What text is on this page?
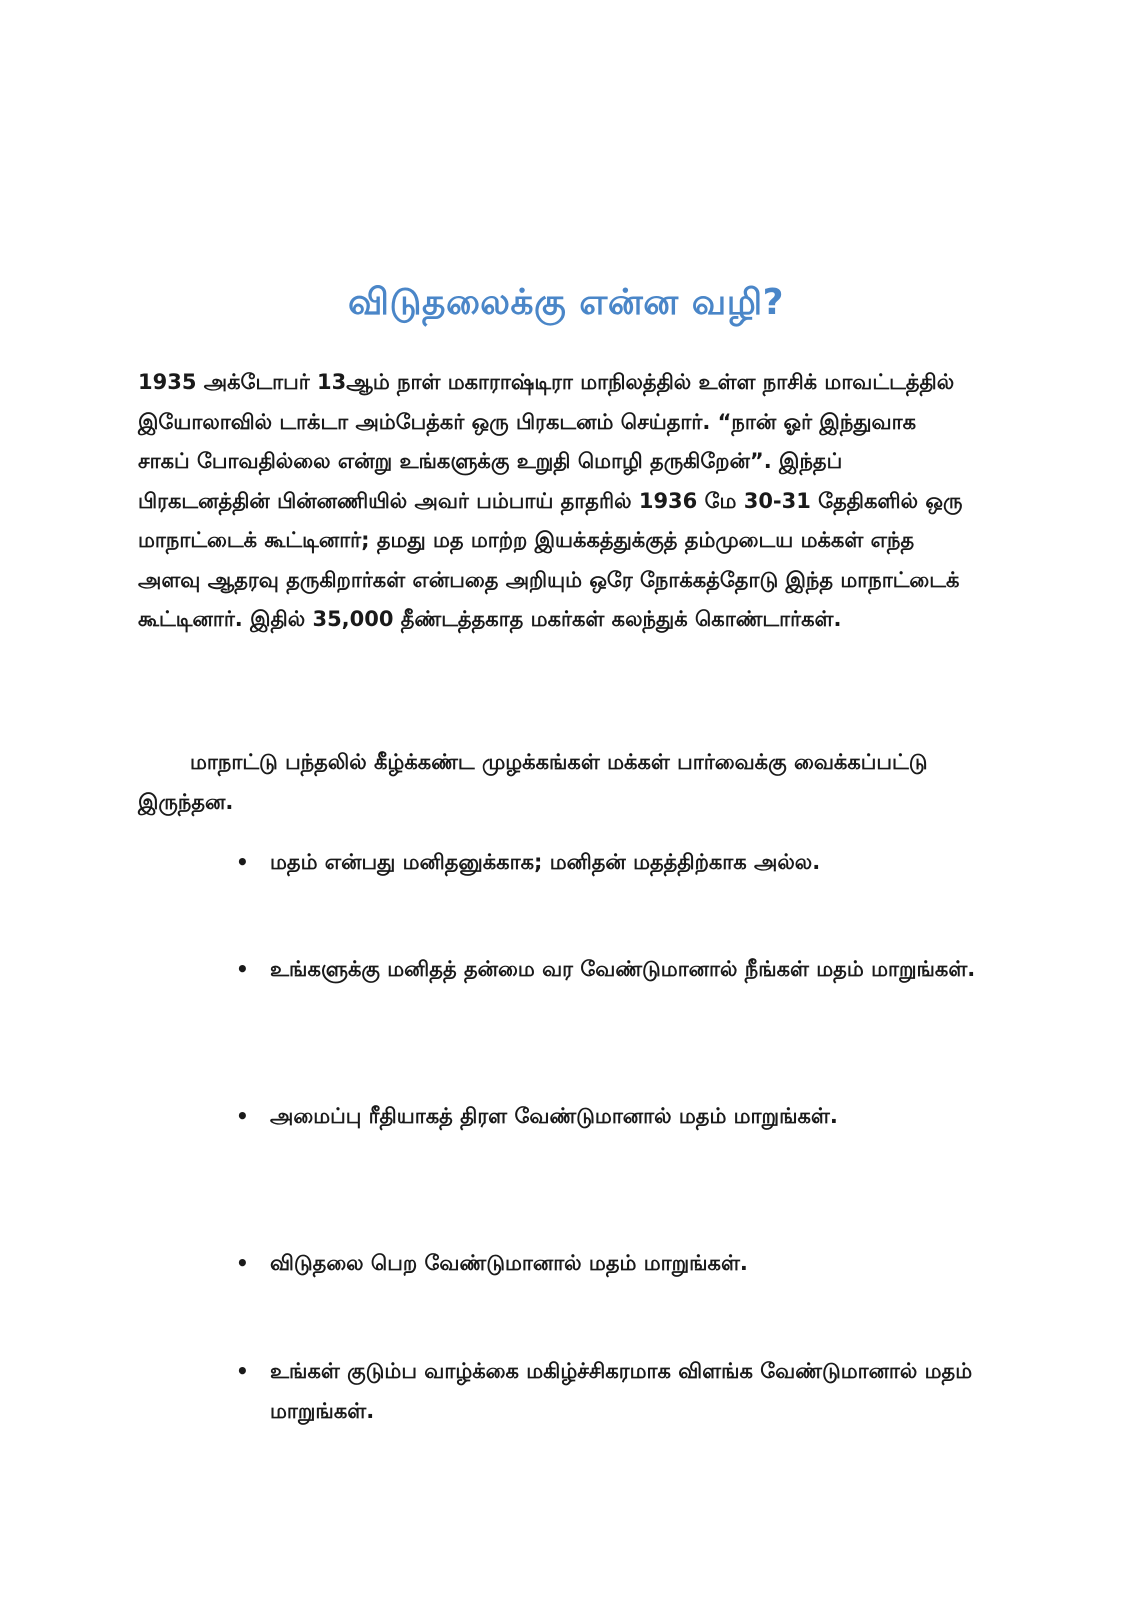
விடுதலைக்கு என்ன வழி?

1935 அக்டோபர் 13ஆம் நாள் மகாராஷ்டிரா மாநிலத்தில் உள்ள நாசிக் மாவட்டத்தில் இயோலாவில் டாக்டா அம்பேத்கர் ஒரு பிரகடனம் செய்தார். “நான் ஓர் இந்துவாக சாகப் போவதில்லை என்று உங்களுக்கு உறுதி மொழி தருகிறேன்”. இந்தப் பிரகடனத்தின் பின்னணியில் அவர் பம்பாய் தாதரில் 1936 மே 30-31 தேதிகளில் ஒரு மாநாட்டைக் கூட்டினார்; தமது மத மாற்ற இயக்கத்துக்குத் தம்முடைய மக்கள் எந்த அளவு ஆதரவு தருகிறார்கள் என்பதை அறியும் ஒரே நோக்கத்தோடு இந்த மாநாட்டைக் கூட்டினார். இதில் 35,000 தீண்டத்தகாத மகர்கள் கலந்துக் கொண்டார்கள்.

மாநாட்டு பந்தலில் கீழ்க்கண்ட முழக்கங்கள் மக்கள் பார்வைக்கு வைக்கப்பட்டு இருந்தன.

• மதம் என்பது மனிதனுக்காக; மனிதன் மதத்திற்காக அல்ல.
• உங்களுக்கு மனிதத் தன்மை வர வேண்டுமானால் நீங்கள் மதம் மாறுங்கள்.
• அமைப்பு ரீதியாகத் திரள வேண்டுமானால் மதம் மாறுங்கள்.
• விடுதலை பெற வேண்டுமானால் மதம் மாறுங்கள்.
• உங்கள் குடும்ப வாழ்க்கை மகிழ்ச்சிகரமாக விளங்க வேண்டுமானால் மதம் மாறுங்கள்.
